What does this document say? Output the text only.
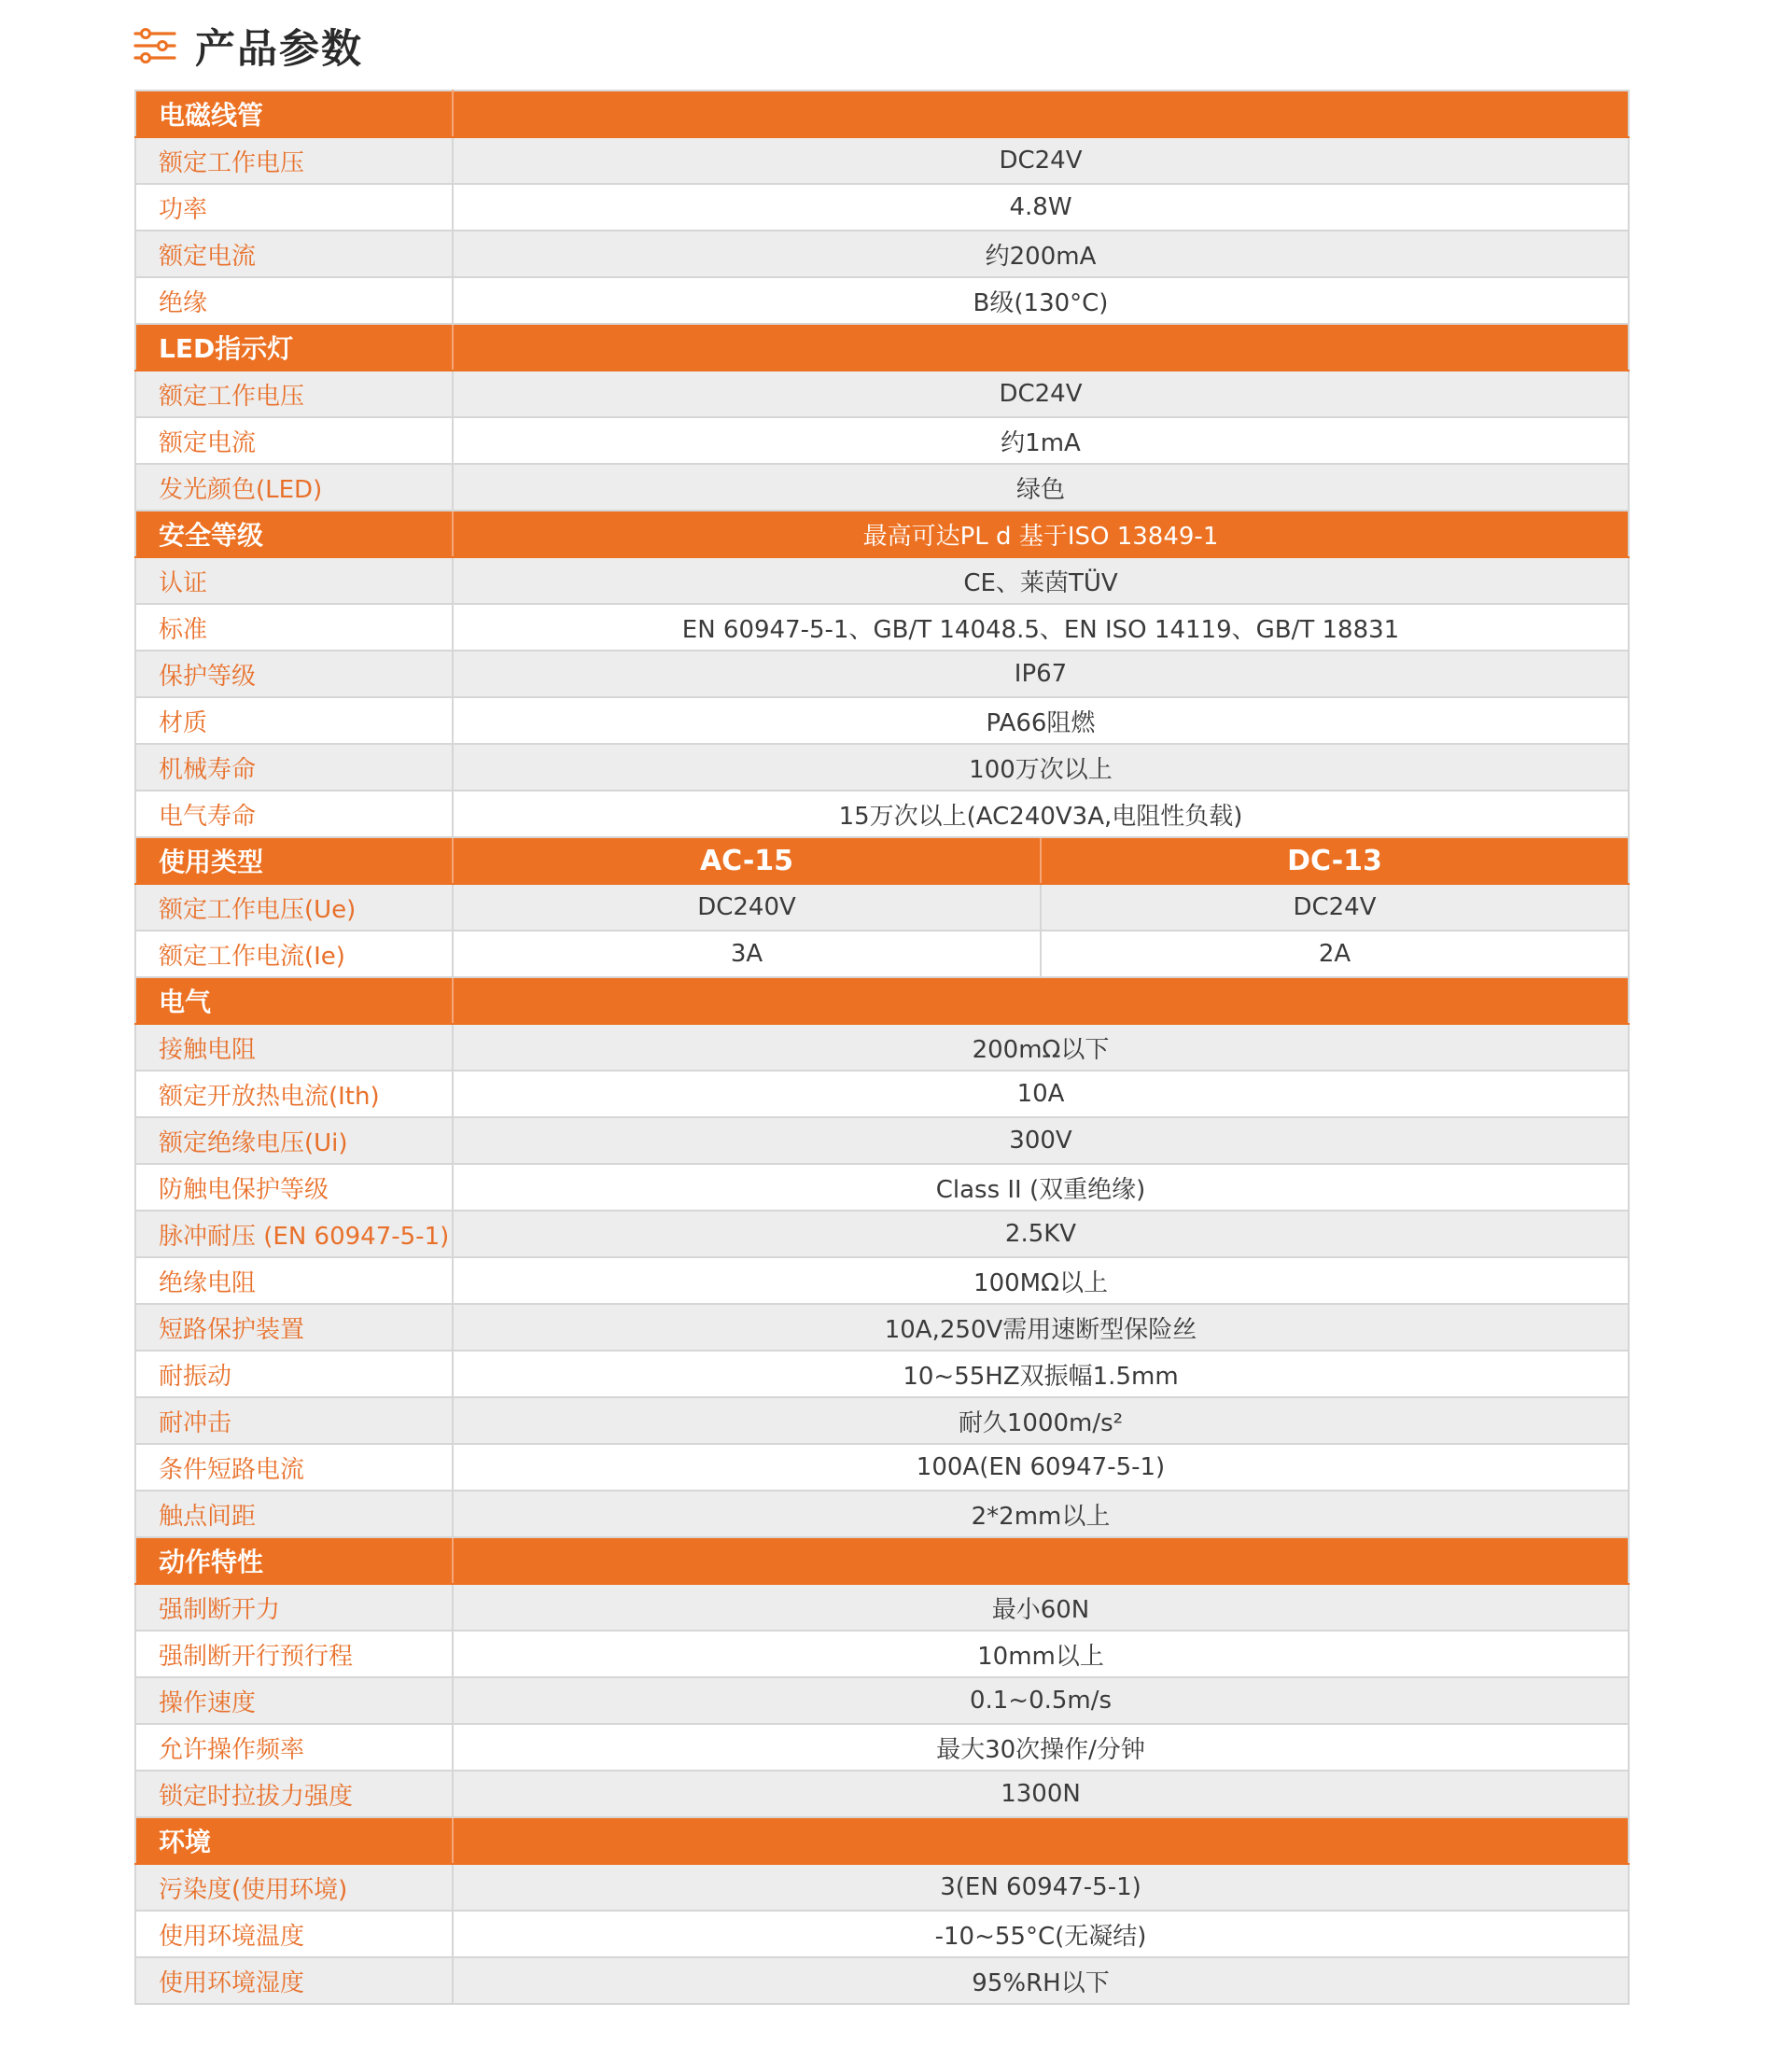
产品参数
电磁线管		
额定工作电压	DC24V	
功率	4.8W	
额定电流	约200mA	
绝缘	B级(130°C)	
LED指示灯		
额定工作电压	DC24V	
额定电流	约1mA	
发光颜色(LED)	绿色	
安全等级	最高可达PL d 基于ISO 13849-1	
认证	CE、莱茵TÜV	
标准	EN 60947-5-1、GB/T 14048.5、EN ISO 14119、GB/T 18831	
保护等级	IP67	
材质	PA66阻燃	
机械寿命	100万次以上	
电气寿命	15万次以上(AC240V3A,电阻性负载)	
使用类型	AC-15	DC-13
额定工作电压(Ue)	DC240V	DC24V
额定工作电流(Ie)	3A	2A
电气		
接触电阻	200mΩ以下	
额定开放热电流(Ith)	10A	
额定绝缘电压(Ui)	300V	
防触电保护等级	Class II (双重绝缘)	
脉冲耐压 (EN 60947-5-1)	2.5KV	
绝缘电阻	100MΩ以上	
短路保护装置	10A,250V需用速断型保险丝	
耐振动	10~55HZ双振幅1.5mm	
耐冲击	耐久1000m/s²	
条件短路电流	100A(EN 60947-5-1)	
触点间距	2*2mm以上	
动作特性		
强制断开力	最小60N	
强制断开行预行程	10mm以上	
操作速度	0.1~0.5m/s	
允许操作频率	最大30次操作/分钟	
锁定时拉拔力强度	1300N	
环境		
污染度(使用环境)	3(EN 60947-5-1)	
使用环境温度	-10~55°C(无凝结)	
使用环境湿度	95%RH以下	
